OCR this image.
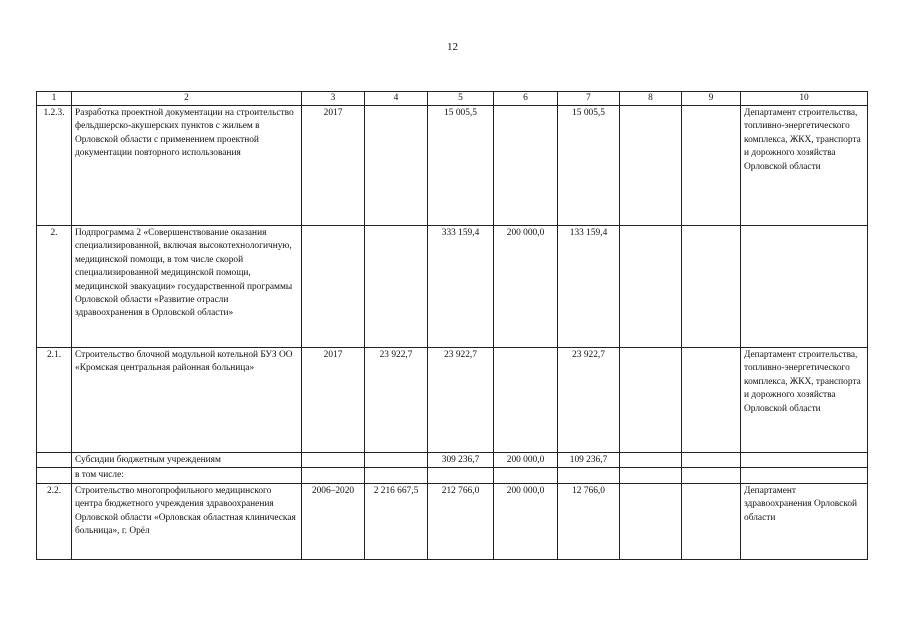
12
1	2	3	4	5	6	7	8	9	10
1.2.3.	Разработка проектной документации на строительство фельдшерско-акушерских пунктов с жильем в Орловской области с применением проектной документации повторного использования	2017		15 005,5		15 005,5			Департамент строительства, топливно-энергетического комплекса, ЖКХ, транспорта и дорожного хозяйства Орловской области
2.	Подпрограмма 2 «Совершенствование оказания специализированной, включая высокотехнологичную, медицинской помощи, в том числе скорой специализированной медицинской помощи, медицинской эвакуации» государственной программы Орловской области «Развитие отрасли здравоохранения в Орловской области»			333 159,4	200 000,0	133 159,4			
2.1.	Строительство блочной модульной котельной БУЗ ОО «Кромская центральная районная больница»	2017	23 922,7	23 922,7		23 922,7			Департамент строительства, топливно-энергетического комплекса, ЖКХ, транспорта и дорожного хозяйства Орловской области
	Субсидии бюджетным учреждениям			309 236,7	200 000,0	109 236,7			
	в том числе:								
2.2.	Строительство многопрофильного медицинского центра бюджетного учреждения здравоохранения Орловской области «Орловская областная клиническая больница», г. Орёл	2006–2020	2 216 667,5	212 766,0	200 000,0	12 766,0			Департамент здравоохранения Орловской области
